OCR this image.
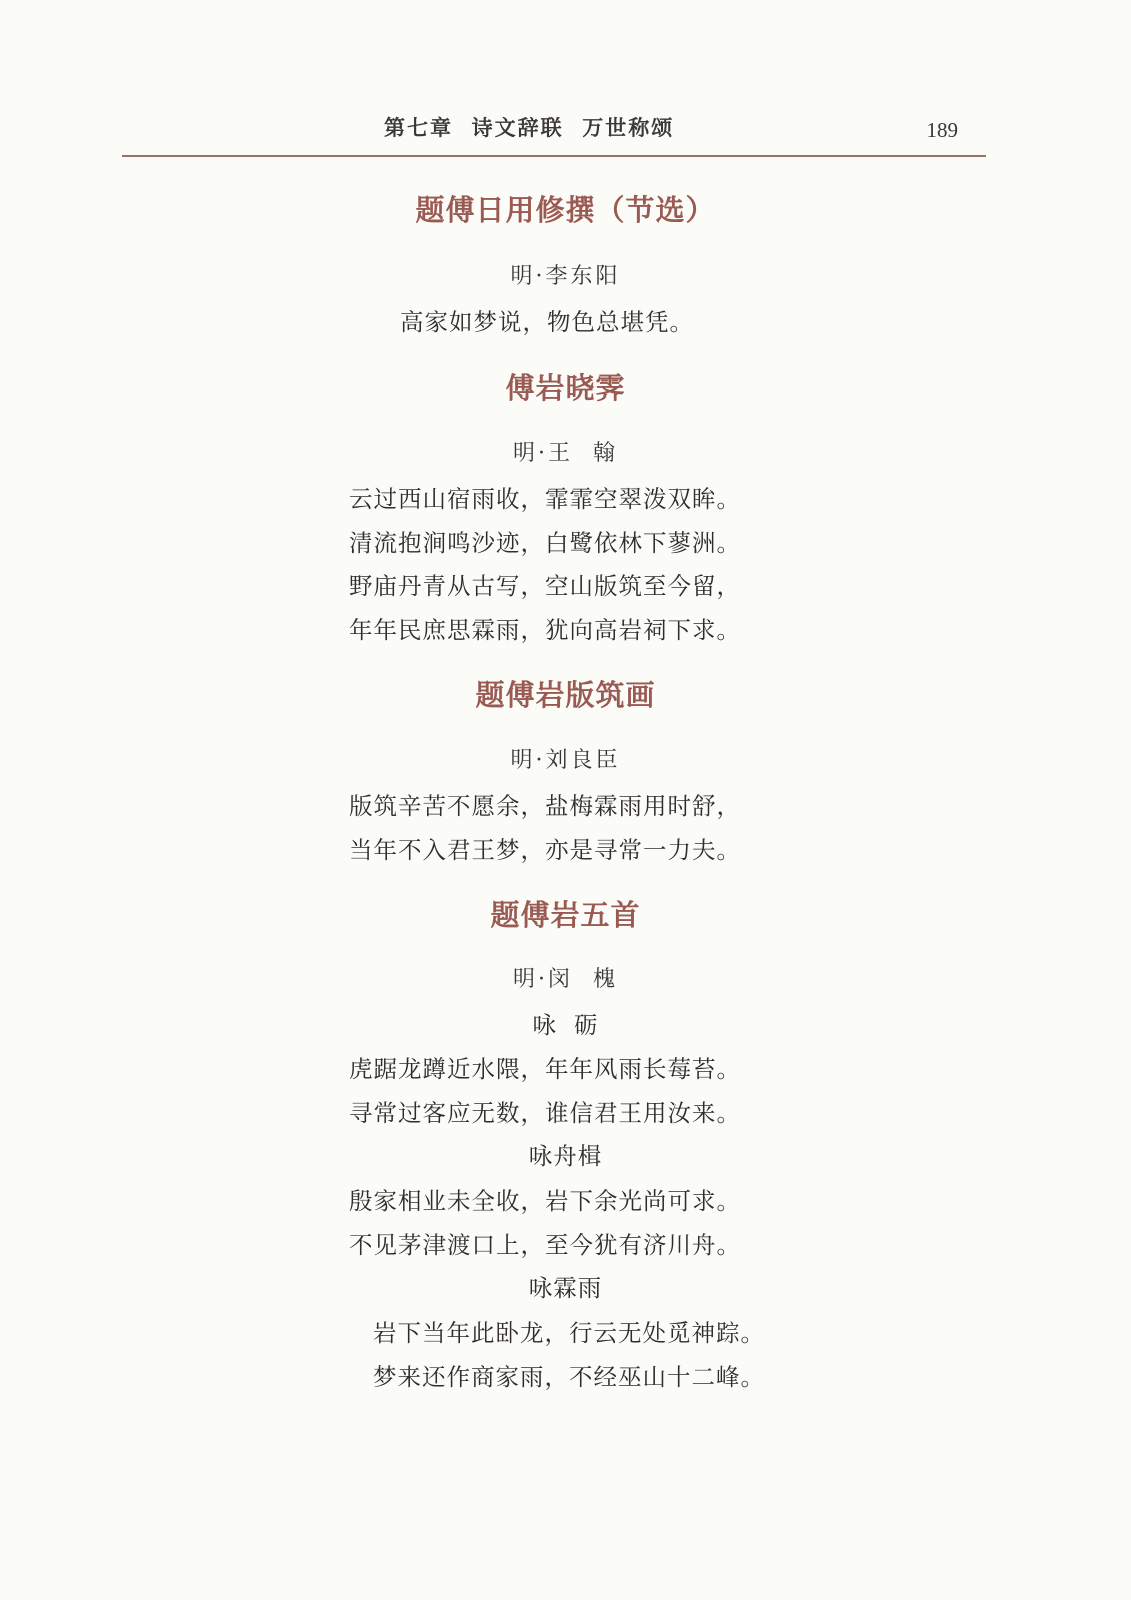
第七章  诗文辞联  万世称颂	189
题傅日用修撰（节选）
明·李东阳
高家如梦说，物色总堪凭。
傅岩晓霁
明·王  翰
云过西山宿雨收，霏霏空翠泼双眸。
清流抱涧鸣沙迹，白鹭依林下蓼洲。
野庙丹青从古写，空山版筑至今留，
年年民庶思霖雨，犹向高岩祠下求。
题傅岩版筑画
明·刘良臣
版筑辛苦不愿余，盐梅霖雨用时舒，
当年不入君王梦，亦是寻常一力夫。
题傅岩五首
明·闵  槐
咏  砺
虎踞龙蹲近水隈，年年风雨长莓苔。
寻常过客应无数，谁信君王用汝来。
咏舟楫
殷家相业未全收，岩下余光尚可求。
不见茅津渡口上，至今犹有济川舟。
咏霖雨
岩下当年此卧龙，行云无处觅神踪。
梦来还作商家雨，不经巫山十二峰。
